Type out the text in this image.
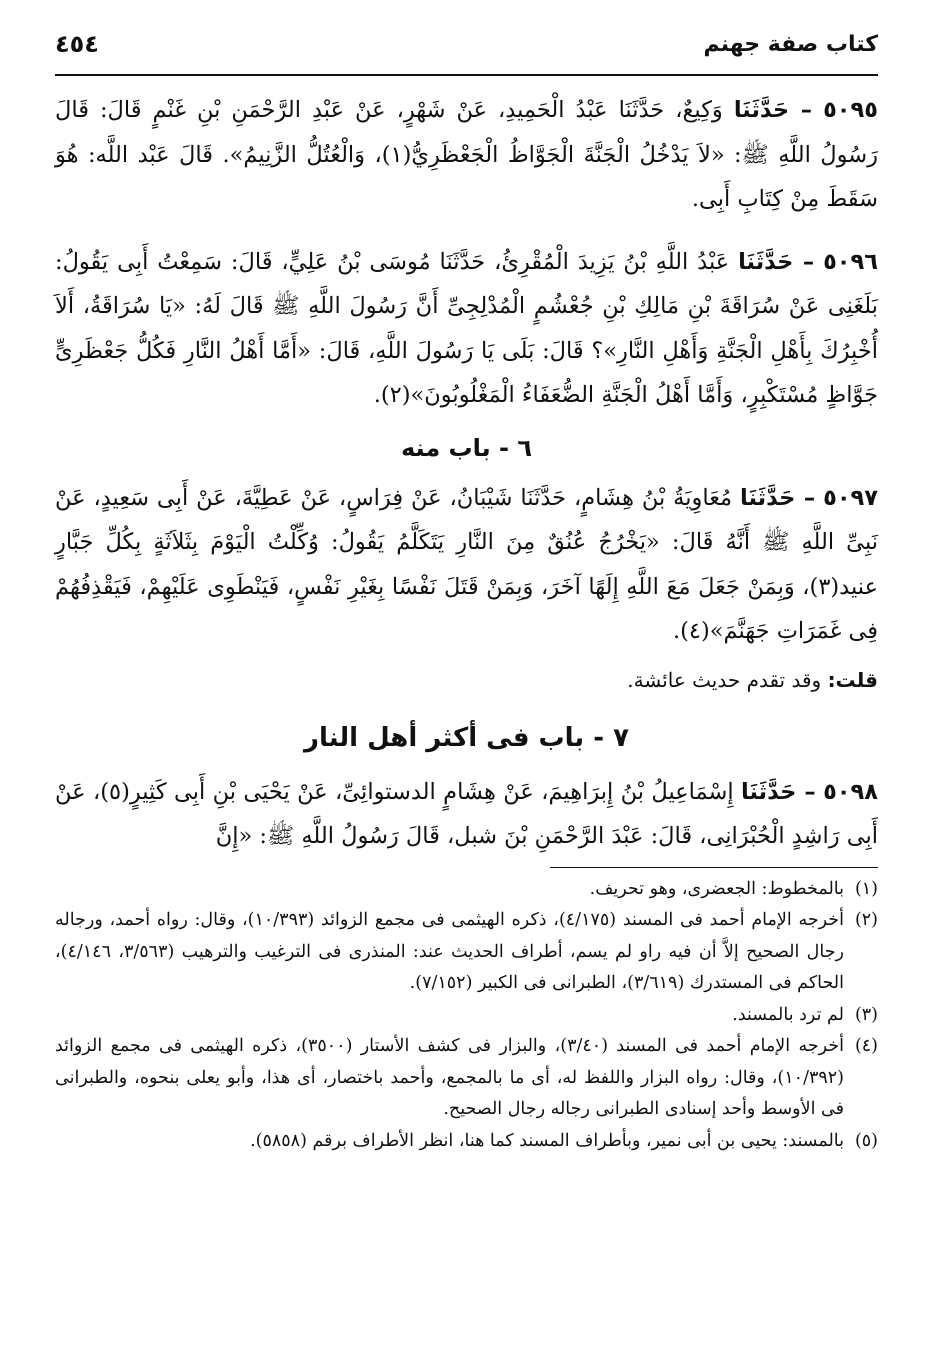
كتاب صفة جهنم
٤٥٤

٥٠٩٥ – حَدَّثَنَا وَكِيعٌ، حَدَّثَنَا عَبْدُ الْحَمِيدِ، عَنْ شَهْرٍ، عَنْ عَبْدِ الرَّحْمَنِ بْنِ غَنْمٍ قَالَ: قَالَ رَسُولُ اللَّهِ ﷺ: «لاَ يَدْخُلُ الْجَنَّةَ الْجَوَّاظُ الْجَعْظَرِيُّ(١)، وَالْعُتُلُّ الزَّنِيمُ». قَالَ عَبْد اللَّه: هُوَ سَقَطَ مِنْ كِتَابِ أَبِى.

٥٠٩٦ – حَدَّثَنَا عَبْدُ اللَّهِ بْنُ يَزِيدَ الْمُقْرِئُ، حَدَّثَنَا مُوسَى بْنُ عَلِيٍّ، قَالَ: سَمِعْتُ أَبِى يَقُولُ: بَلَغَنِى عَنْ سُرَاقَةَ بْنِ مَالِكِ بْنِ جُعْشُمٍ الْمُدْلِجِىِّ أَنَّ رَسُولَ اللَّهِ ﷺ قَالَ لَهُ: «يَا سُرَاقَةُ، أَلاَ أُخْبِرُكَ بِأَهْلِ الْجَنَّةِ وَأَهْلِ النَّارِ»؟ قَالَ: بَلَى يَا رَسُولَ اللَّهِ، قَالَ: «أَمَّا أَهْلُ النَّارِ فَكُلُّ جَعْظَرِىٍّ جَوَّاظٍ مُسْتَكْبِرٍ، وَأَمَّا أَهْلُ الْجَنَّةِ الضُّعَفَاءُ الْمَغْلُوبُونَ»(٢).

٦ - باب منه

٥٠٩٧ – حَدَّثَنَا مُعَاوِيَةُ بْنُ هِشَامٍ، حَدَّثَنَا شَيْبَانُ، عَنْ فِرَاسٍ، عَنْ عَطِيَّةَ، عَنْ أَبِى سَعِيدٍ، عَنْ نَبِىِّ اللَّهِ ﷺ أَنَّهُ قَالَ: «يَخْرُجُ عُنُقٌ مِنَ النَّارِ يَتَكَلَّمُ يَقُولُ: وُكِّلْتُ الْيَوْمَ بِثَلاَثَةٍ بِكُلِّ جَبَّارٍ عنيد(٣)، وَبِمَنْ جَعَلَ مَعَ اللَّهِ إِلَهًا آخَرَ، وَبِمَنْ قَتَلَ نَفْسًا بِغَيْرِ نَفْسٍ، فَيَنْطَوِى عَلَيْهِمْ، فَيَقْذِفُهُمْ فِى غَمَرَاتِ جَهَنَّمَ»(٤).

قلت: وقد تقدم حديث عائشة.

٧ - باب فى أكثر أهل النار

٥٠٩٨ – حَدَّثَنَا إِسْمَاعِيلُ بْنُ إِبرَاهِيمَ، عَنْ هِشَامٍ الدستوائِىِّ، عَنْ يَحْيَى بْنِ أَبِى كَثِيرٍ(٥)، عَنْ أَبِى رَاشِدٍ الْحُبْرَانِى، قَالَ: عَبْدَ الرَّحْمَنِ بْنَ شبل، قَالَ رَسُولُ اللَّهِ ﷺ: «إِنَّ

(١)
بالمخطوط: الجعضرى، وهو تحريف.
(٢)
أخرجه الإمام أحمد فى المسند (٤/١٧٥)، ذكره الهيثمى فى مجمع الزوائد (١٠/٣٩٣)، وقال: رواه أحمد، ورجاله رجال الصحيح إلاَّ أن فيه راو لم يسم، أطراف الحديث عند: المنذرى فى الترغيب والترهيب (٣/٥٦٣، ٤/١٤٦)، الحاكم فى المستدرك (٣/٦١٩)، الطبرانى فى الكبير (٧/١٥٢).
(٣)
لم ترد بالمسند.
(٤)
أخرجه الإمام أحمد فى المسند (٣/٤٠)، والبزار فى كشف الأستار (٣٥٠٠)، ذكره الهيثمى فى مجمع الزوائد (١٠/٣٩٢)، وقال: رواه البزار واللفظ له، أى ما بالمجمع، وأحمد باختصار، أى هذا، وأبو يعلى بنحوه، والطبرانى فى الأوسط وأحد إسنادى الطبرانى رجاله رجال الصحيح.
(٥)
بالمسند: يحيى بن أبى نمير، وبأطراف المسند كما هنا، انظر الأطراف برقم (٥٨٥٨).
